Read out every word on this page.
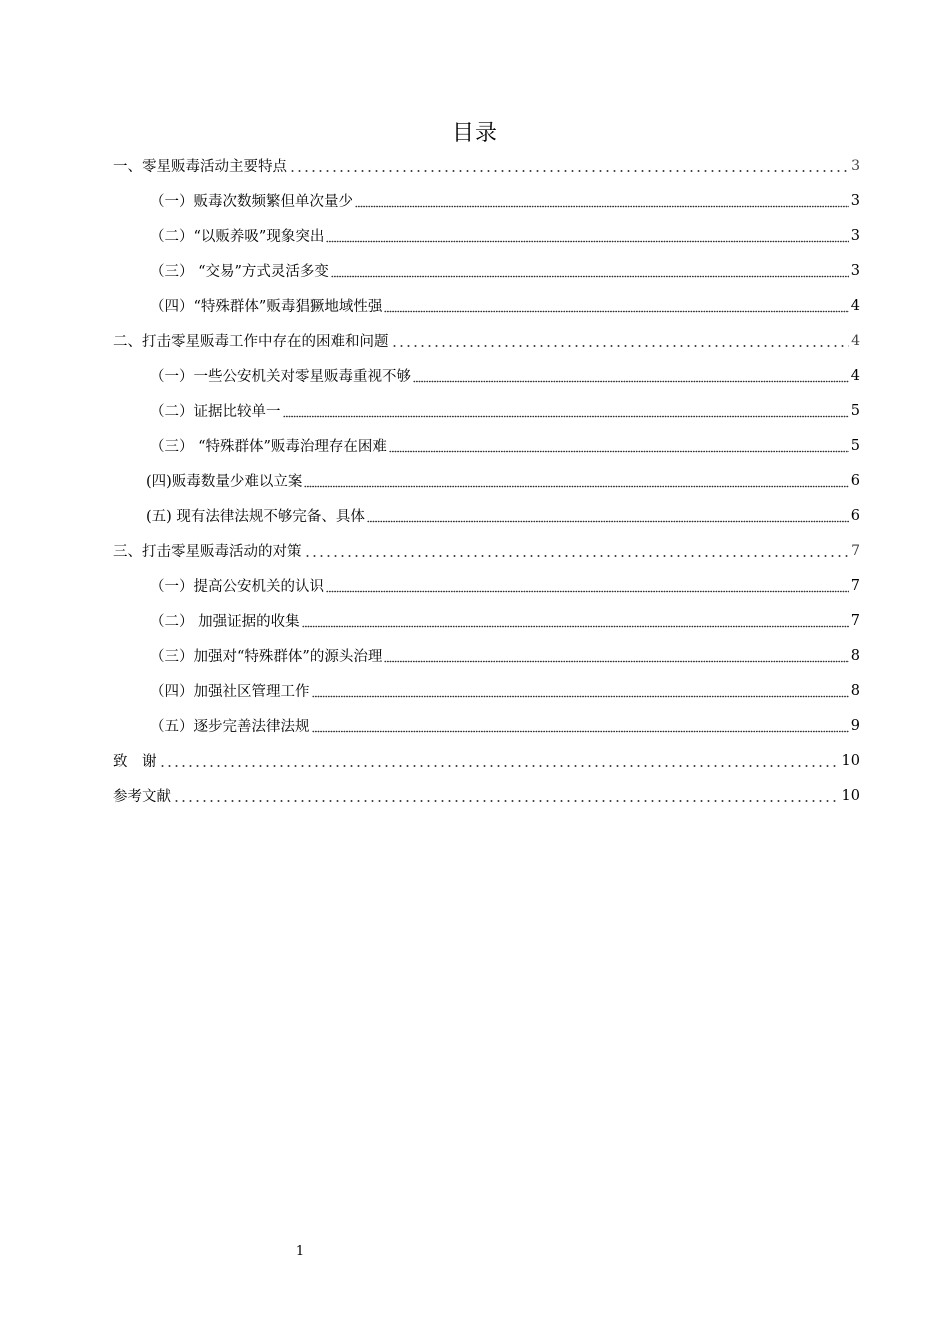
目录
一、零星贩毒活动主要特点	3
（一）贩毒次数频繁但单次量少	3
（二）“以贩养吸”现象突出	3
（三） “交易”方式灵活多变	3
（四）“特殊群体”贩毒猖獗地域性强	4
二、打击零星贩毒工作中存在的困难和问题	4
（一）一些公安机关对零星贩毒重视不够	4
（二）证据比较单一	5
（三） “特殊群体”贩毒治理存在困难	5
(四)贩毒数量少难以立案	6
(五) 现有法律法规不够完备、具体	6
三、打击零星贩毒活动的对策	7
（一）提高公安机关的认识	7
（二） 加强证据的收集	7
（三）加强对“特殊群体”的源头治理	8
（四）加强社区管理工作	8
（五）逐步完善法律法规	9
致　谢	10
参考文献	10
1
